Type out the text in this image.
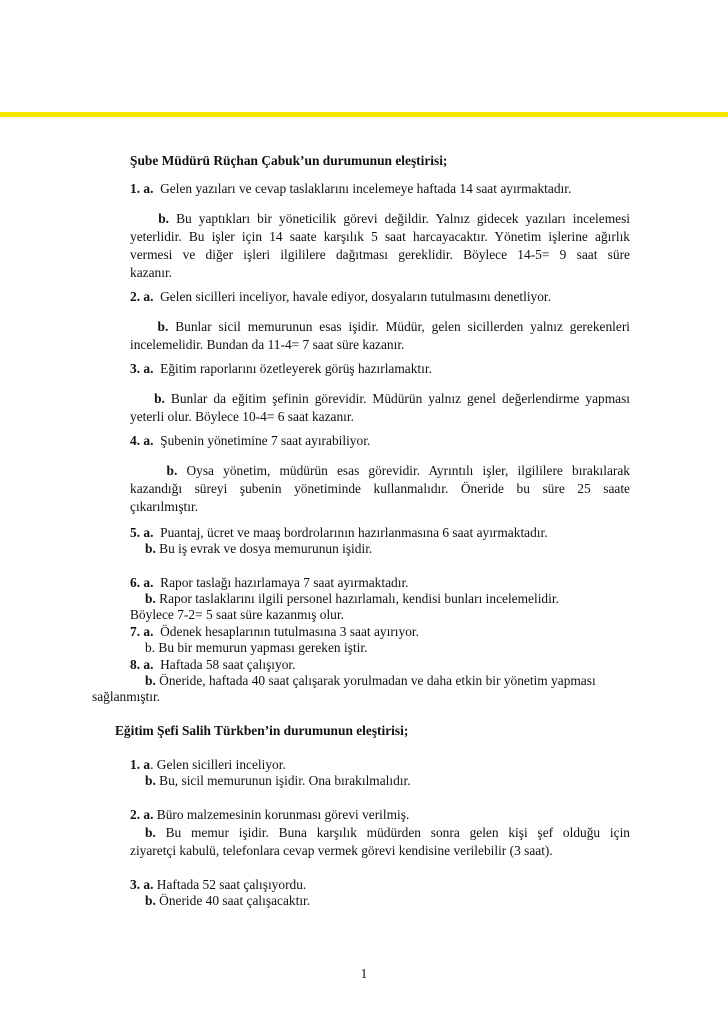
Şube Müdürü Rüçhan Çabuk’un durumunun eleştirisi;
1. a. Gelen yazıları ve cevap taslaklarını incelemeye haftada 14 saat ayırmaktadır.
b. Bu yaptıkları bir yöneticilik görevi değildir. Yalnız gidecek yazıları incelemesi
yeterlidir. Bu işler için 14 saate karşılık 5 saat harcayacaktır. Yönetim işlerine ağırlık
vermesi ve diğer işleri ilgililere dağıtması gereklidir. Böylece 14-5= 9 saat süre
kazanır.
2. a. Gelen sicilleri inceliyor, havale ediyor, dosyaların tutulmasını denetliyor.
b. Bunlar sicil memurunun esas işidir. Müdür, gelen sicillerden yalnız gerekenleri
incelemelidir. Bundan da 11-4= 7 saat süre kazanır.
3. a. Eğitim raporlarını özetleyerek görüş hazırlamaktır.
b. Bunlar da eğitim şefinin görevidir. Müdürün yalnız genel değerlendirme yapması
yeterli olur. Böylece 10-4= 6 saat kazanır.
4. a. Şubenin yönetimine 7 saat ayırabiliyor.
b. Oysa yönetim, müdürün esas görevidir. Ayrıntılı işler, ilgililere bırakılarak
kazandığı süreyi şubenin yönetiminde kullanmalıdır. Öneride bu süre 25 saate
çıkarılmıştır.
5. a. Puantaj, ücret ve maaş bordrolarının hazırlanmasına 6 saat ayırmaktadır.
b. Bu iş evrak ve dosya memurunun işidir.
6. a. Rapor taslağı hazırlamaya 7 saat ayırmaktadır.
b. Rapor taslaklarını ilgili personel hazırlamalı, kendisi bunları incelemelidir.
Böylece 7-2= 5 saat süre kazanmış olur.
7. a. Ödenek hesaplarının tutulmasına 3 saat ayırıyor.
b. Bu bir memurun yapması gereken iştir.
8. a. Haftada 58 saat çalışıyor.
b. Öneride, haftada 40 saat çalışarak yorulmadan ve daha etkin bir yönetim yapması
sağlanmıştır.
Eğitim Şefi Salih Türkben’in durumunun eleştirisi;
1. a. Gelen sicilleri inceliyor.
b. Bu, sicil memurunun işidir. Ona bırakılmalıdır.
2. a. Büro malzemesinin korunması görevi verilmiş.
b. Bu memur işidir. Buna karşılık müdürden sonra gelen kişi şef olduğu için
ziyaretçi kabulü, telefonlara cevap vermek görevi kendisine verilebilir (3 saat).
3. a. Haftada 52 saat çalışıyordu.
b. Öneride 40 saat çalışacaktır.
1
